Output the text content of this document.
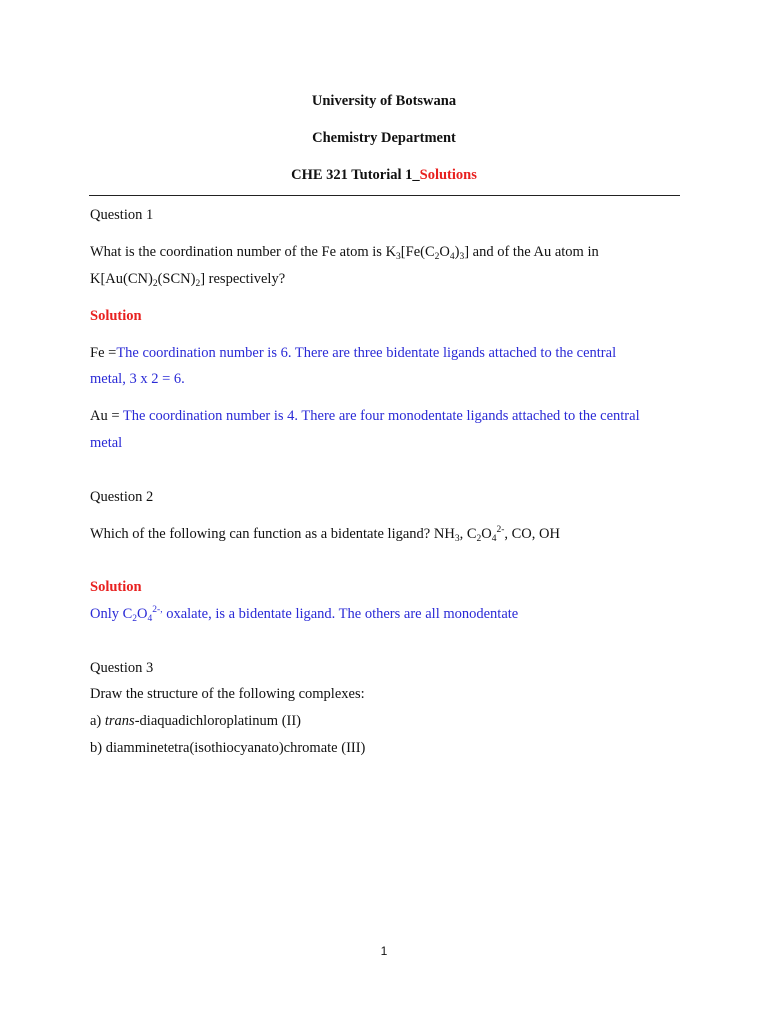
University of Botswana
Chemistry Department
CHE 321 Tutorial 1_Solutions
Question 1
What is the coordination number of the Fe atom is $K_3[Fe(C_2O_4)_3]$ and of the Au atom in
$K[Au(CN)_2(SCN)_2]$ respectively?
Solution
Fe =The coordination number is 6. There are three bidentate ligands attached to the central
metal, 3 x 2 = 6.
Au = The coordination number is 4. There are four monodentate ligands attached to the central
metal
Question 2
Which of the following can function as a bidentate ligand? $NH_3$, $C_2O_4^{2-}$, CO, OH
Solution
Only $C_2O_4^{2-,}$ oxalate, is a bidentate ligand. The others are all monodentate
Question 3
Draw the structure of the following complexes:
a) trans-diaquadichloroplatinum (II)
b) diamminetetra(isothiocyanato)chromate (III)
1
